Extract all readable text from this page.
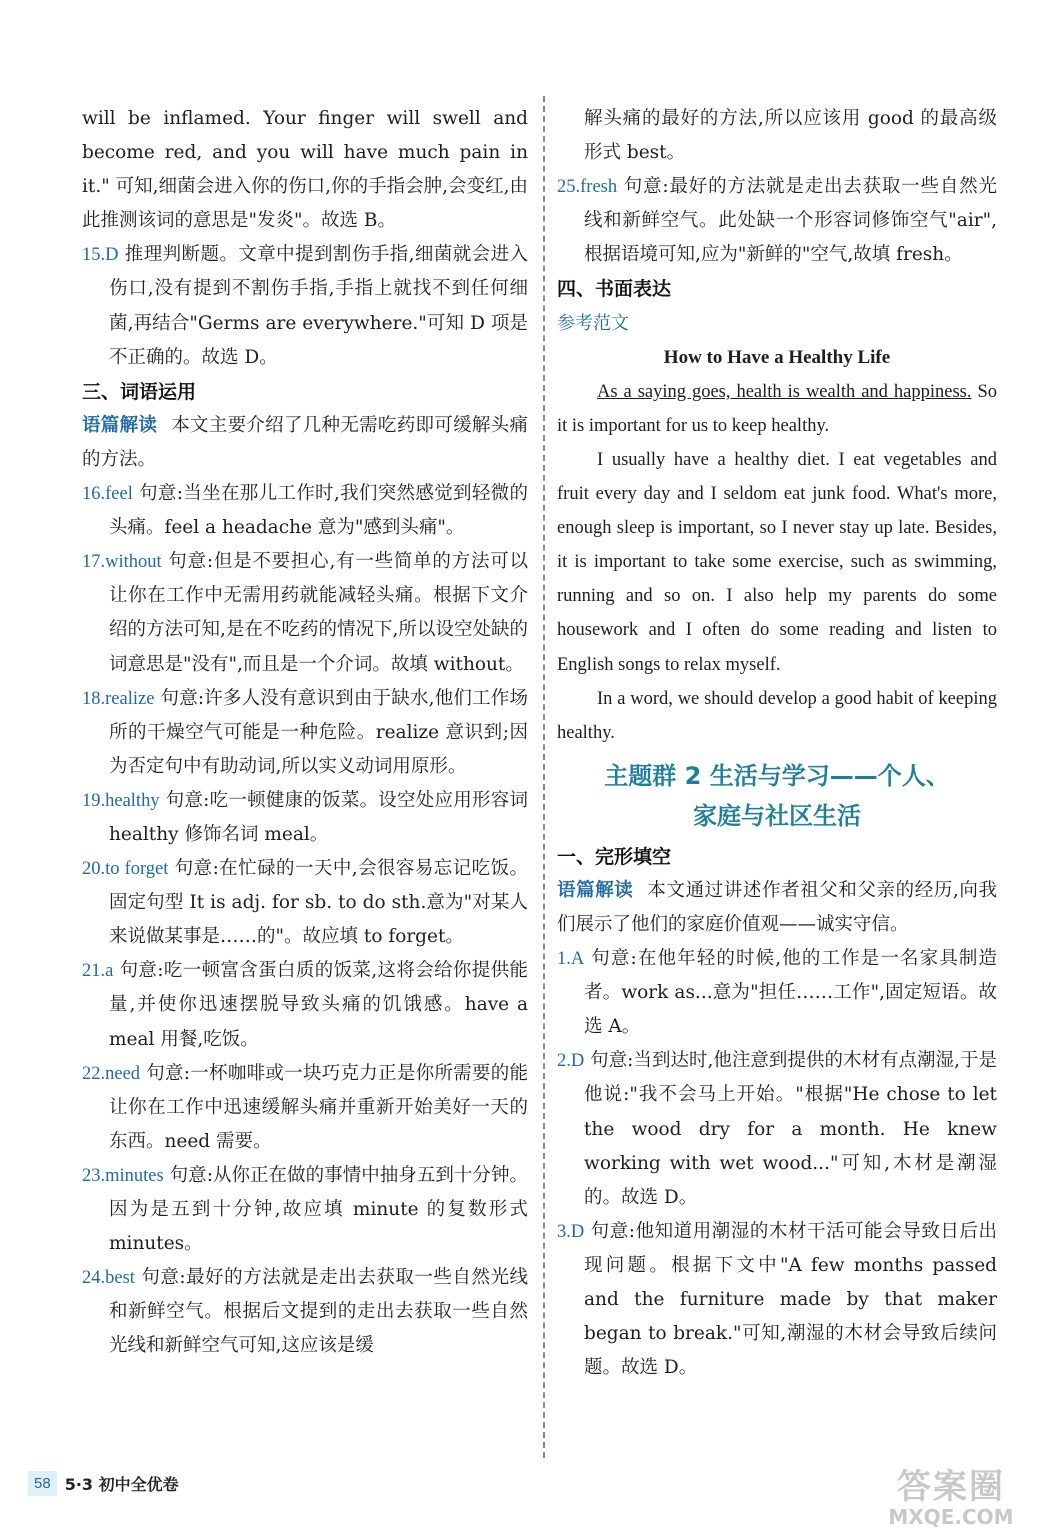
will be inflamed. Your finger will swell and become red, and you will have much pain in it." 可知,细菌会进入你的伤口,你的手指会肿,会变红,由此推测该词的意思是"发炎"。故选 B。

15.D 推理判断题。文章中提到割伤手指,细菌就会进入伤口,没有提到不割伤手指,手指上就找不到任何细菌,再结合"Germs are everywhere."可知 D 项是不正确的。故选 D。

三、词语运用

语篇解读 本文主要介绍了几种无需吃药即可缓解头痛的方法。

16.feel 句意:当坐在那儿工作时,我们突然感觉到轻微的头痛。feel a headache 意为"感到头痛"。

17.without 句意:但是不要担心,有一些简单的方法可以让你在工作中无需用药就能减轻头痛。根据下文介绍的方法可知,是在不吃药的情况下,所以设空处缺的词意思是"没有",而且是一个介词。故填 without。

18.realize 句意:许多人没有意识到由于缺水,他们工作场所的干燥空气可能是一种危险。realize 意识到;因为否定句中有助动词,所以实义动词用原形。

19.healthy 句意:吃一顿健康的饭菜。设空处应用形容词 healthy 修饰名词 meal。

20.to forget 句意:在忙碌的一天中,会很容易忘记吃饭。固定句型 It is adj. for sb. to do sth.意为"对某人来说做某事是……的"。故应填 to forget。

21.a 句意:吃一顿富含蛋白质的饭菜,这将会给你提供能量,并使你迅速摆脱导致头痛的饥饿感。have a meal 用餐,吃饭。

22.need 句意:一杯咖啡或一块巧克力正是你所需要的能让你在工作中迅速缓解头痛并重新开始美好一天的东西。need 需要。

23.minutes 句意:从你正在做的事情中抽身五到十分钟。因为是五到十分钟,故应填 minute 的复数形式 minutes。

24.best 句意:最好的方法就是走出去获取一些自然光线和新鲜空气。根据后文提到的走出去获取一些自然光线和新鲜空气可知,这应该是缓

解头痛的最好的方法,所以应该用 good 的最高级形式 best。

25.fresh 句意:最好的方法就是走出去获取一些自然光线和新鲜空气。此处缺一个形容词修饰空气"air",根据语境可知,应为"新鲜的"空气,故填 fresh。

四、书面表达

参考范文

How to Have a Healthy Life

As a saying goes, health is wealth and happiness. So it is important for us to keep healthy.

I usually have a healthy diet. I eat vegetables and fruit every day and I seldom eat junk food. What's more, enough sleep is important, so I never stay up late. Besides, it is important to take some exercise, such as swimming, running and so on. I also help my parents do some housework and I often do some reading and listen to English songs to relax myself.

In a word, we should develop a good habit of keeping healthy.

主题群 2 生活与学习——个人、
家庭与社区生活

一、完形填空

语篇解读 本文通过讲述作者祖父和父亲的经历,向我们展示了他们的家庭价值观——诚实守信。

1.A 句意:在他年轻的时候,他的工作是一名家具制造者。work as...意为"担任……工作",固定短语。故选 A。

2.D 句意:当到达时,他注意到提供的木材有点潮湿,于是他说:"我不会马上开始。"根据"He chose to let the wood dry for a month. He knew working with wet wood..."可知,木材是潮湿的。故选 D。

3.D 句意:他知道用潮湿的木材干活可能会导致日后出现问题。根据下文中"A few months passed and the furniture made by that maker began to break."可知,潮湿的木材会导致后续问题。故选 D。

58 5·3 初中全优卷	答案圈
MXQE.COM
